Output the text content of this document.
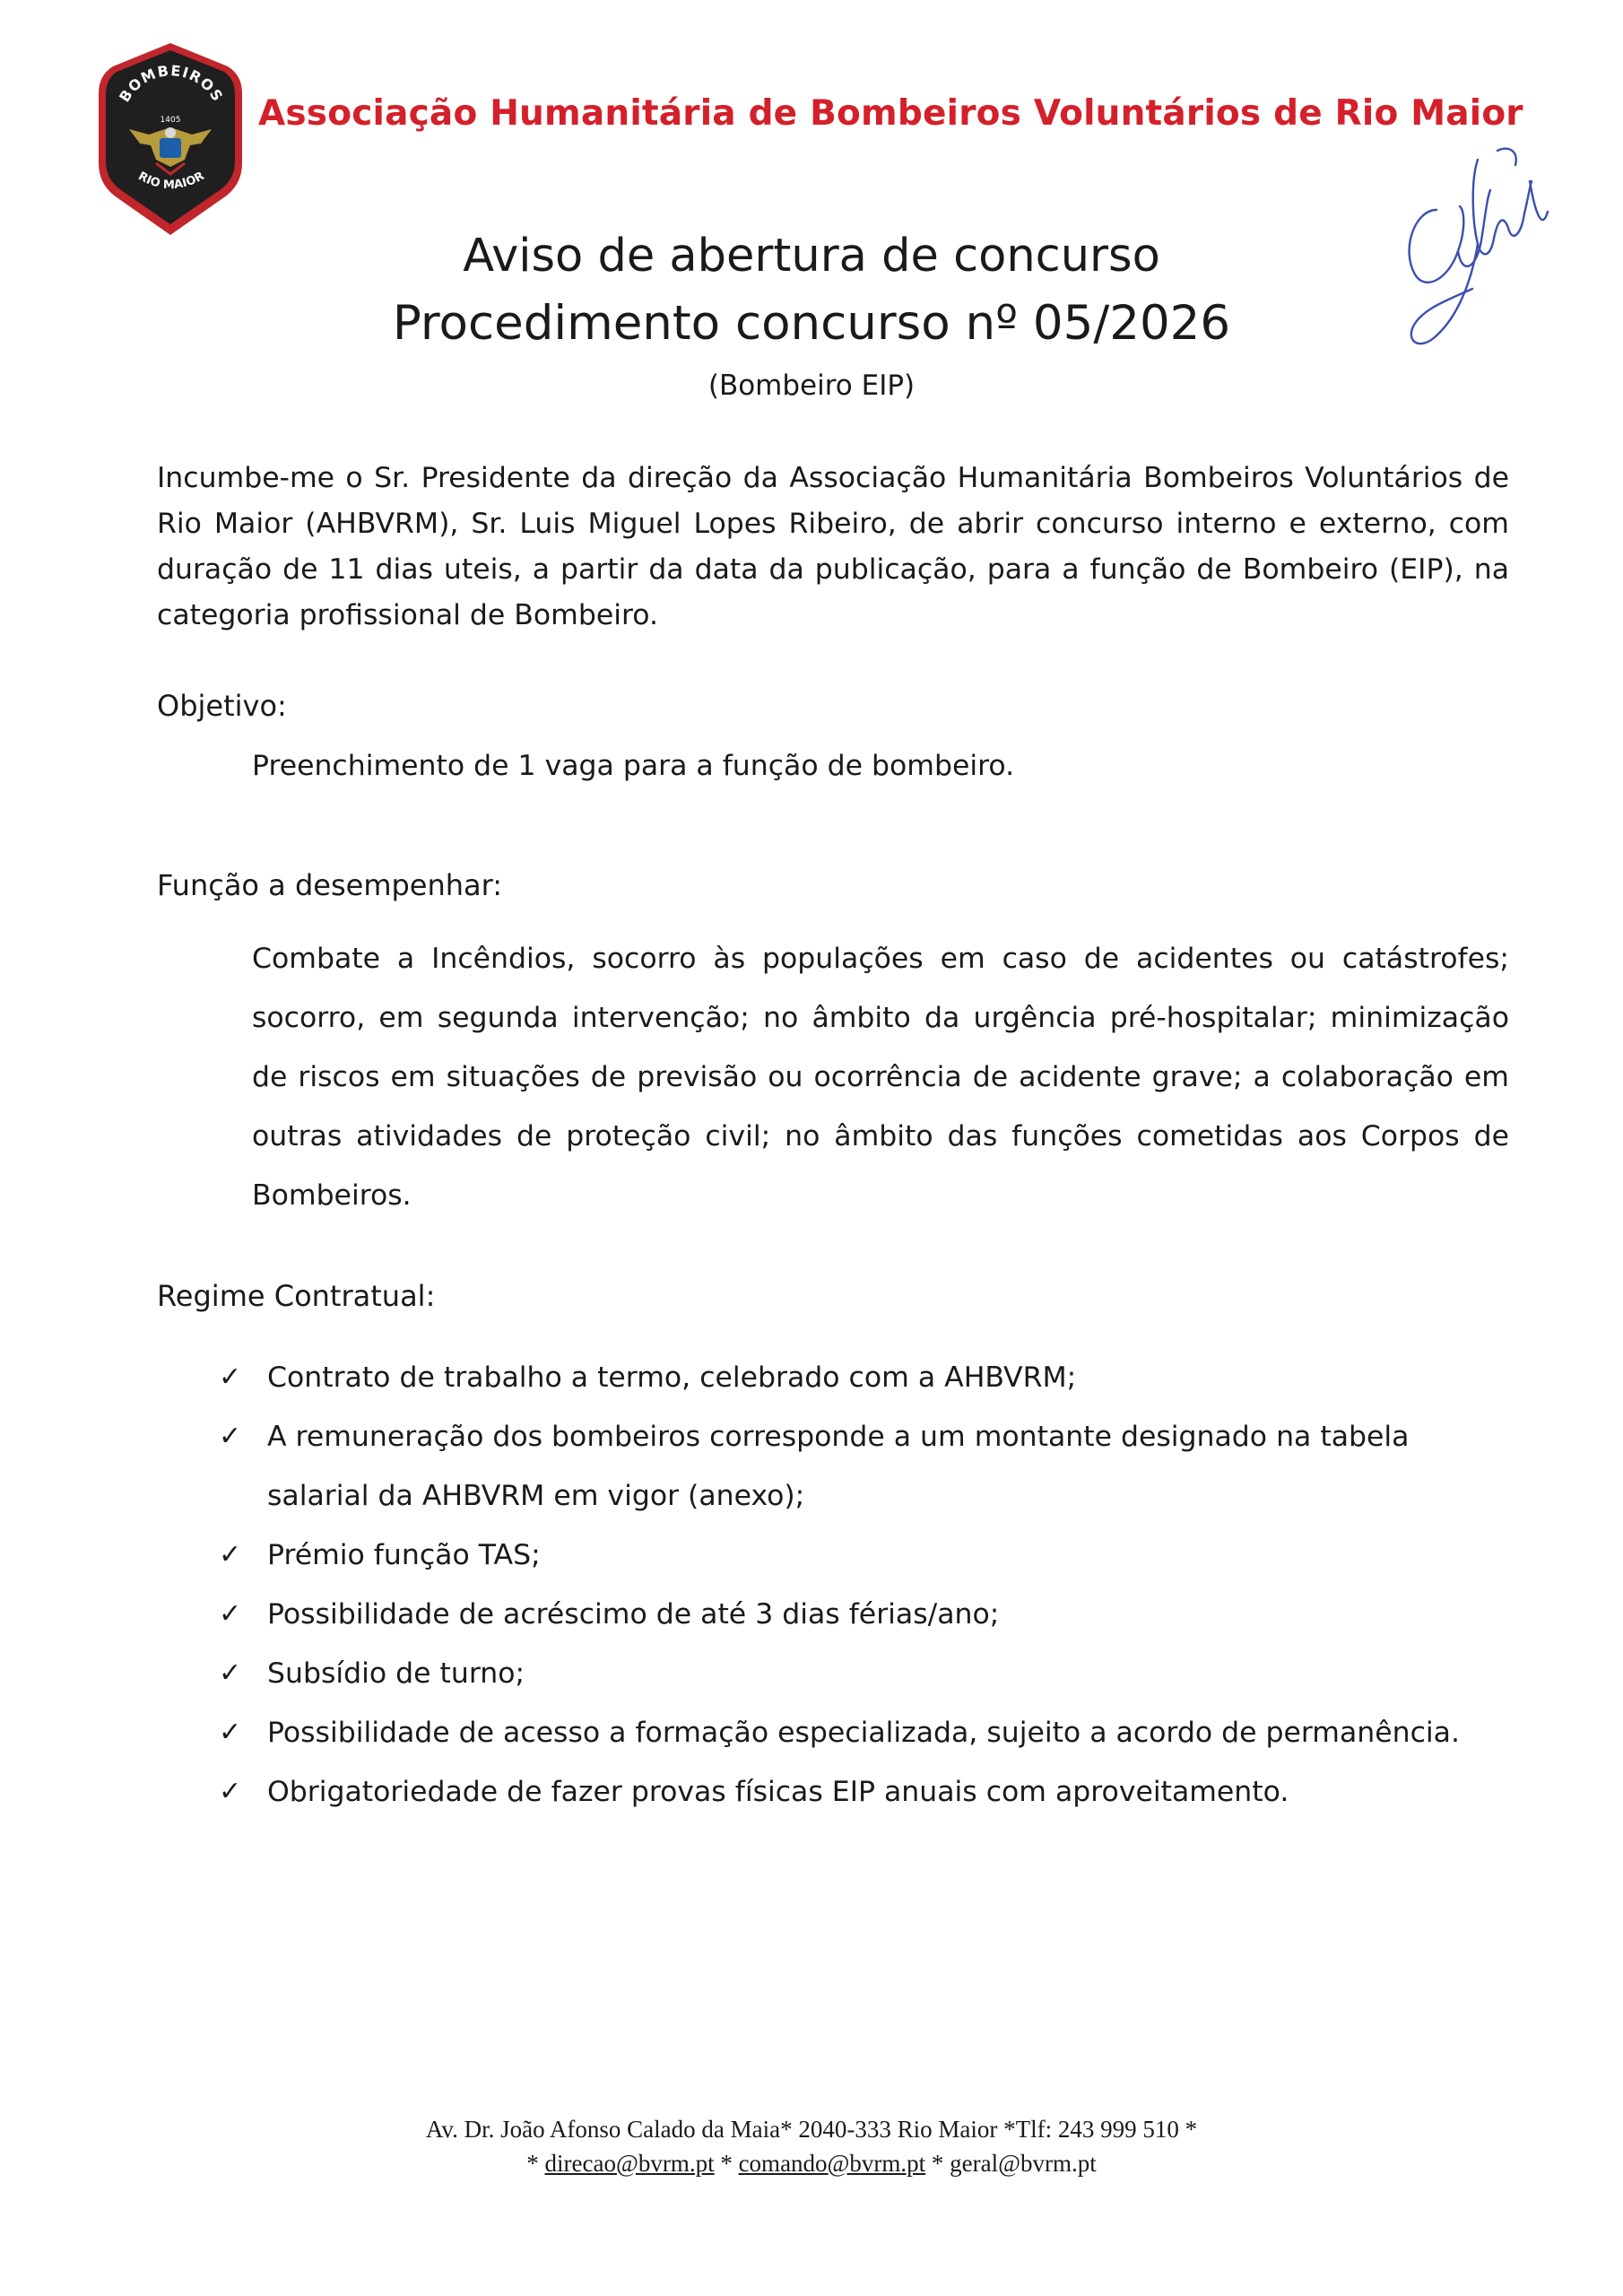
BOMBEIROS
1405
RIO MAIOR
Associação Humanitária de Bombeiros Voluntários de Rio Maior
Aviso de abertura de concurso
Procedimento concurso nº 05/2026
(Bombeiro EIP)
Incumbe-me o Sr. Presidente da direção da Associação Humanitária Bombeiros Voluntários de Rio Maior (AHBVRM), Sr. Luis Miguel Lopes Ribeiro, de abrir concurso interno e externo, com duração de 11 dias uteis, a partir da data da publicação, para a função de Bombeiro (EIP), na categoria profissional de Bombeiro.
Objetivo:
Preenchimento de 1 vaga para a função de bombeiro.
Função a desempenhar:
Combate a Incêndios, socorro às populações em caso de acidentes ou catástrofes; socorro, em segunda intervenção; no âmbito da urgência pré-hospitalar; minimização de riscos em situações de previsão ou ocorrência de acidente grave; a colaboração em outras atividades de proteção civil; no âmbito das funções cometidas aos Corpos de Bombeiros.
Regime Contratual:
✓ Contrato de trabalho a termo, celebrado com a AHBVRM;
✓ A remuneração dos bombeiros corresponde a um montante designado na tabela salarial da AHBVRM em vigor (anexo);
✓ Prémio função TAS;
✓ Possibilidade de acréscimo de até 3 dias férias/ano;
✓ Subsídio de turno;
✓ Possibilidade de acesso a formação especializada, sujeito a acordo de permanência.
✓ Obrigatoriedade de fazer provas físicas EIP anuais com aproveitamento.
Av. Dr. João Afonso Calado da Maia* 2040-333 Rio Maior *Tlf: 243 999 510 *
* direcao@bvrm.pt * comando@bvrm.pt * geral@bvrm.pt
